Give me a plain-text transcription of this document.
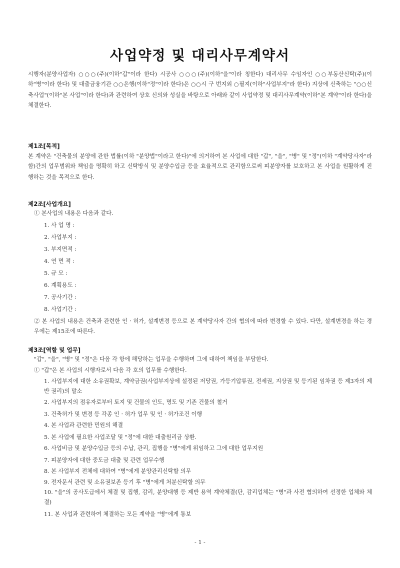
사업약정 및 대리사무계약서
시행자(분양사업자) ○○○(주)(이하"갑"이라 한다) 시공사 ○○○(주)(이하"을"이라 칭한다) 대리사무 수임자인 ○○부동산신탁(주)(이하"병"이라 한다) 및 대출금융기관 ○○은행(이하"정"이라 한다)은 ○○시 구 번지외 ○필지(이하"사업부지"라 한다) 지상에 신축하는 "○○신축사업"(이하"본 사업"이라 한다)과 관련하여 상호 신의와 성실을 바탕으로 아래와 같이 사업약정 및 대리사무계약(이하"본 계약"이라 한다)을 체결한다.
제1조[목적]
본 계약은 "건축물의 분양에 관한 법률(이하 "분양법"이라고 한다)"에 의거하여 본 사업에 대한 "갑", "을", "병" 및 "정"(이하 "계약당사자"라 함)간의 업무범위와 책임을 명확히 하고 신탁방식 및 분양수입금 등을 효율적으로 관리함으로써 피분양자를 보호하고 본 사업을 원활하게 진행하는 것을 목적으로 한다.
제2조[사업개요]
① 본사업의 내용은 다음과 같다.
1. 사 업 명 :
2. 사업부지 :
3. 부지면적 :
4. 연 면 적 :
5. 규 모 :
6. 계획용도 :
7. 공사기간 :
8. 사업기간 :
② 본 사업의 내용은 건축과 관련한 인 · 허가, 설계변경 등으로 본 계약당사자 간의 협의에 따라 변경할 수 있다. 다만, 설계변경을 하는 경우에는 제15조에 따른다.
제3조[역할 및 업무]
"갑", "을", "병" 및 "정"은 다음 각 항에 해당하는 업무을 수행하며 그에 대하여 책임을 부담한다.
① "갑"은 본 사업의 시행자로서 다음 각 호의 업무를 수행한다.
1. 사업부지에 대한 소유권확보, 계약금권(사업부지상에 설정된 저당권, 가등기압류권, 전세권, 지상권 및 등기된 임차권 등 제3자의 제반 권리)의 말소
2. 사업부지의 점유자로부터 토지 및 건물의 인도, 명도 및 기존 건물의 철거
3. 건축허가 및 변경 등 각종 인 · 허가 업무 및 인 · 허가조건 이행
4. 본 사업과 관련한 민원의 해결
5. 본 사업에 필요한 사업조달 및 "정"에 대한 대출원리금 상환.
6. 사업비금 및 분양수입금 등의 수납, 관리, 집행을 "병"에게 위임하고 그에 대한 업무지원
7. 피분양자에 대한 중도금 대출 및 관련 업무수행
8. 본 사업부지 전체에 대하여 "병"에게 분양관리신탁할 의무
9. 전자문서 관련 및 소유권보존 등기 후 "병"에게 처분신탁할 의무
10. "을"의 공사도급에서 체결 및 집행, 감리, 분양대행 등 제반 용역 계약체결(단, 감리업체는 "병"과 사전 협의하여 선정한 업체와 체결)
11. 본 사업과 관련하여 체결하는 모든 계약을 "병"에게 통보
- 1 -
